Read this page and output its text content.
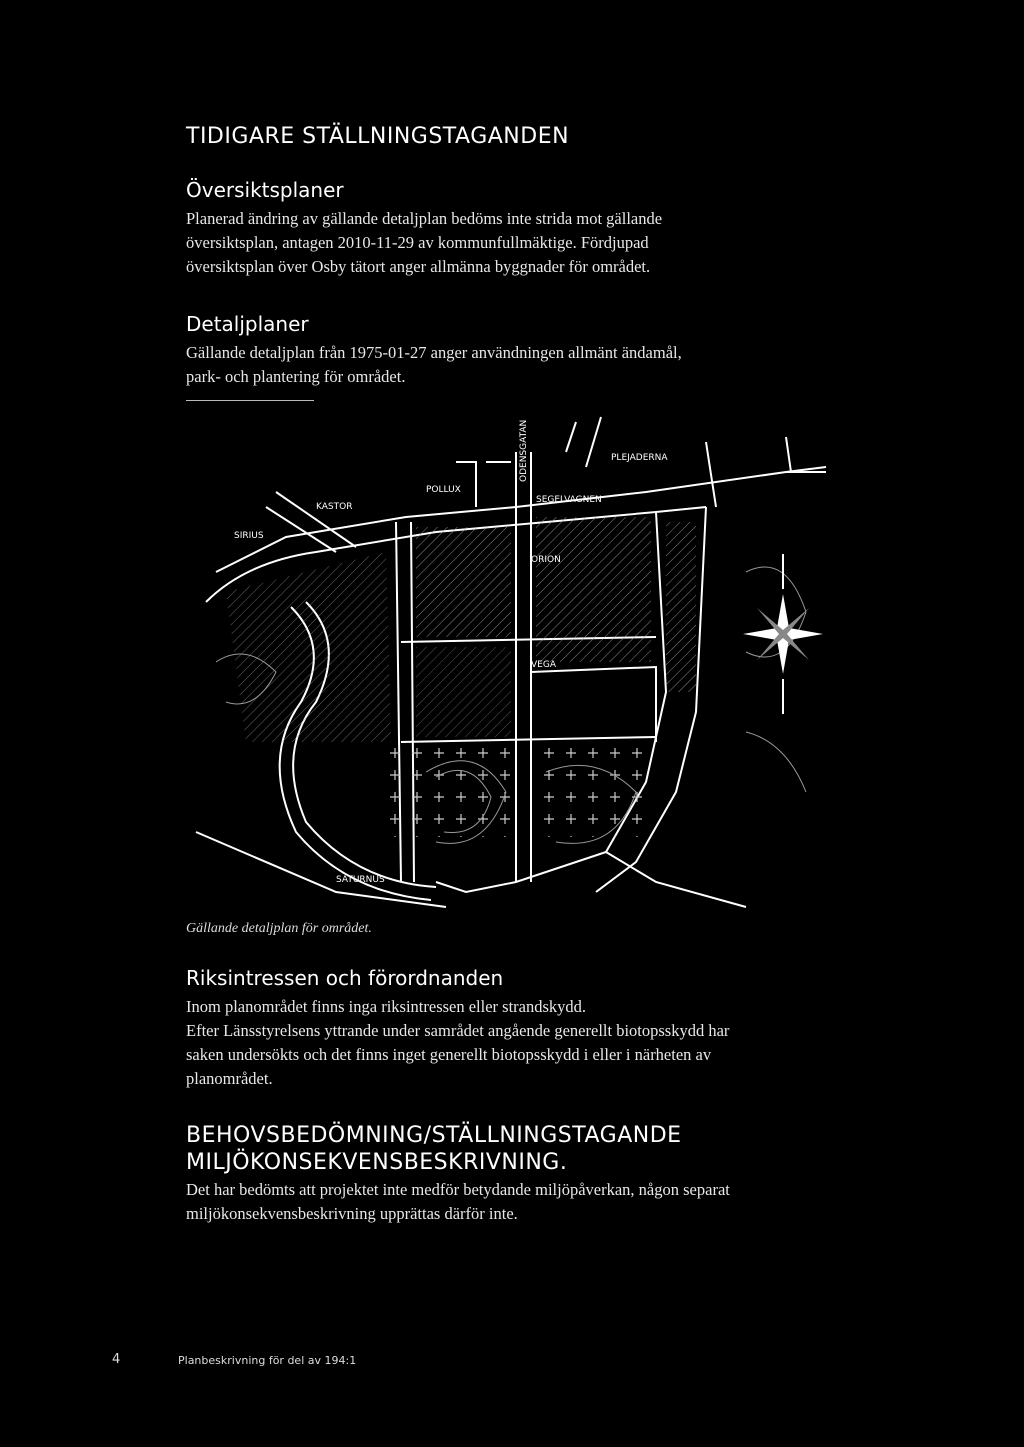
TIDIGARE STÄLLNINGSTAGANDEN
Översiktsplaner
Planerad ändring av gällande detaljplan bedöms inte strida mot gällande
översiktsplan, antagen 2010-11-29 av kommunfullmäktige. Fördjupad
översiktsplan över Osby tätort anger allmänna byggnader för området.
Detaljplaner
Gällande detaljplan från 1975-01-27 anger användningen allmänt ändamål,
park- och plantering för området.
PLEJADERNA
SIRIUS
KASTOR
POLLUX
ORION
SATURNUS
VEGA
ODENSGATAN
SEGELVAGNEN
Gällande detaljplan för området.
Riksintressen och förordnanden
Inom planområdet finns inga riksintressen eller strandskydd.
Efter Länsstyrelsens yttrande under samrådet angående generellt biotopsskydd har
saken undersökts och det finns inget generellt biotopsskydd i eller i närheten av
planområdet.
BEHOVSBEDÖMNING/STÄLLNINGSTAGANDE
MILJÖKONSEKVENSBESKRIVNING.
Det har bedömts att projektet inte medför betydande miljöpåverkan, någon separat
miljökonsekvensbeskrivning upprättas därför inte.
4	Planbeskrivning för del av 194:1
